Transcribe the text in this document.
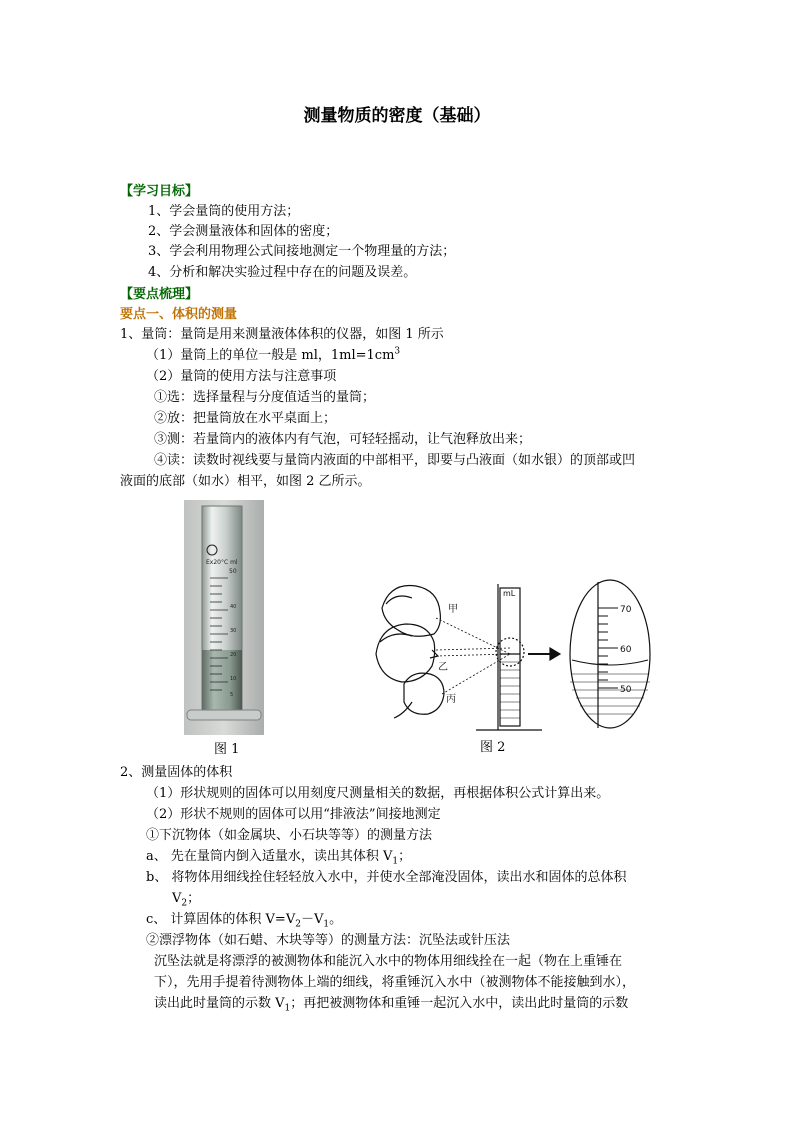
测量物质的密度（基础）
【学习目标】
1、学会量筒的使用方法；
2、学会测量液体和固体的密度；
3、学会利用物理公式间接地测定一个物理量的方法；
4、分析和解决实验过程中存在的问题及误差。
【要点梳理】
要点一、体积的测量
1、量筒：量筒是用来测量液体体积的仪器，如图 1 所示
（1）量筒上的单位一般是 ml，$1ml=1cm^3$
（2）量筒的使用方法与注意事项
①选：选择量程与分度值适当的量筒；
②放：把量筒放在水平桌面上；
③测：若量筒内的液体内有气泡，可轻轻摇动，让气泡释放出来；
④读：读数时视线要与量筒内液面的中部相平，即要与凸液面（如水银）的顶部或凹
液面的底部（如水）相平，如图 2 乙所示。
Ex20°C ml
50
40
30
20
10
5
图 1
mL
甲
乙
丙
70
60
50
图 2
2、测量固体的体积
（1）形状规则的固体可以用刻度尺测量相关的数据，再根据体积公式计算出来。
（2）形状不规则的固体可以用“排液法”间接地测定
①下沉物体（如金属块、小石块等等）的测量方法
a、 先在量筒内倒入适量水，读出其体积 $V_1$；
b、 将物体用细线拴住轻轻放入水中，并使水全部淹没固体，读出水和固体的总体积
$V_2$；
c、 计算固体的体积 $V=V_2-V_1$。
②漂浮物体（如石蜡、木块等等）的测量方法：沉坠法或针压法
沉坠法就是将漂浮的被测物体和能沉入水中的物体用细线拴在一起（物在上重锤在
下），先用手提着待测物体上端的细线，将重锤沉入水中（被测物体不能接触到水），
读出此时量筒的示数 $V_1$；再把被测物体和重锤一起沉入水中，读出此时量筒的示数
